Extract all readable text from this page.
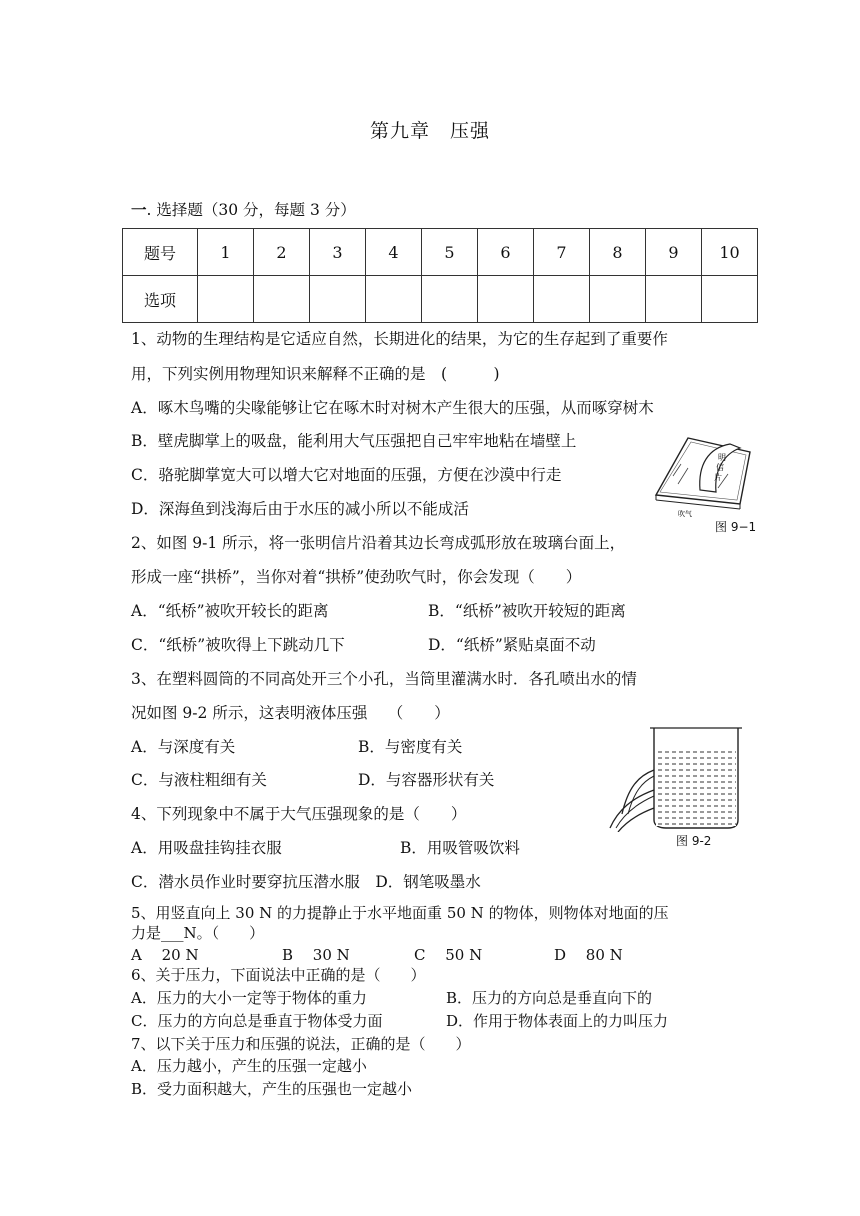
第九章　压强
一. 选择题（30 分，每题 3 分）
题号	1	2	3	4	5	6	7	8	9	10
选项										
1、动物的生理结构是它适应自然，长期进化的结果，为它的生存起到了重要作
用，下列实例用物理知识来解释不正确的是　(　　　)
A．啄木鸟嘴的尖喙能够让它在啄木时对树木产生很大的压强，从而啄穿树木
B．壁虎脚掌上的吸盘，能利用大气压强把自己牢牢地粘在墙壁上
C．骆驼脚掌宽大可以增大它对地面的压强，方便在沙漠中行走
D．深海鱼到浅海后由于水压的减小所以不能成活
明
信
片
吹气
图 9−1
2、如图 9-1 所示，将一张明信片沿着其边长弯成弧形放在玻璃台面上，
形成一座“拱桥”，当你对着“拱桥”使劲吹气时，你会发现（　　）
A．“纸桥”被吹开较长的距离	B．“纸桥”被吹开较短的距离
C．“纸桥”被吹得上下跳动几下	D．“纸桥”紧贴桌面不动
3、在塑料圆筒的不同高处开三个小孔，当筒里灌满水时．各孔喷出水的情
况如图 9-2 所示，这表明液体压强　 （　　）
A．与深度有关	B．与密度有关
C．与液柱粗细有关	D．与容器形状有关
图 9-2
4、下列现象中不属于大气压强现象的是（　　）
A．用吸盘挂钩挂衣服	B．用吸管吸饮料
C．潜水员作业时要穿抗压潜水服　D．钢笔吸墨水
5、用竖直向上 30 N 的力提静止于水平地面重 50 N 的物体，则物体对地面的压
力是___N。（　　）
A　 20 N	B　 30 N	C　 50 N	D　 80 N
6、关于压力，下面说法中正确的是（　　）
A．压力的大小一定等于物体的重力	B．压力的方向总是垂直向下的
C．压力的方向总是垂直于物体受力面	D．作用于物体表面上的力叫压力
7、以下关于压力和压强的说法，正确的是（　　）
A．压力越小，产生的压强一定越小
B．受力面积越大，产生的压强也一定越小
